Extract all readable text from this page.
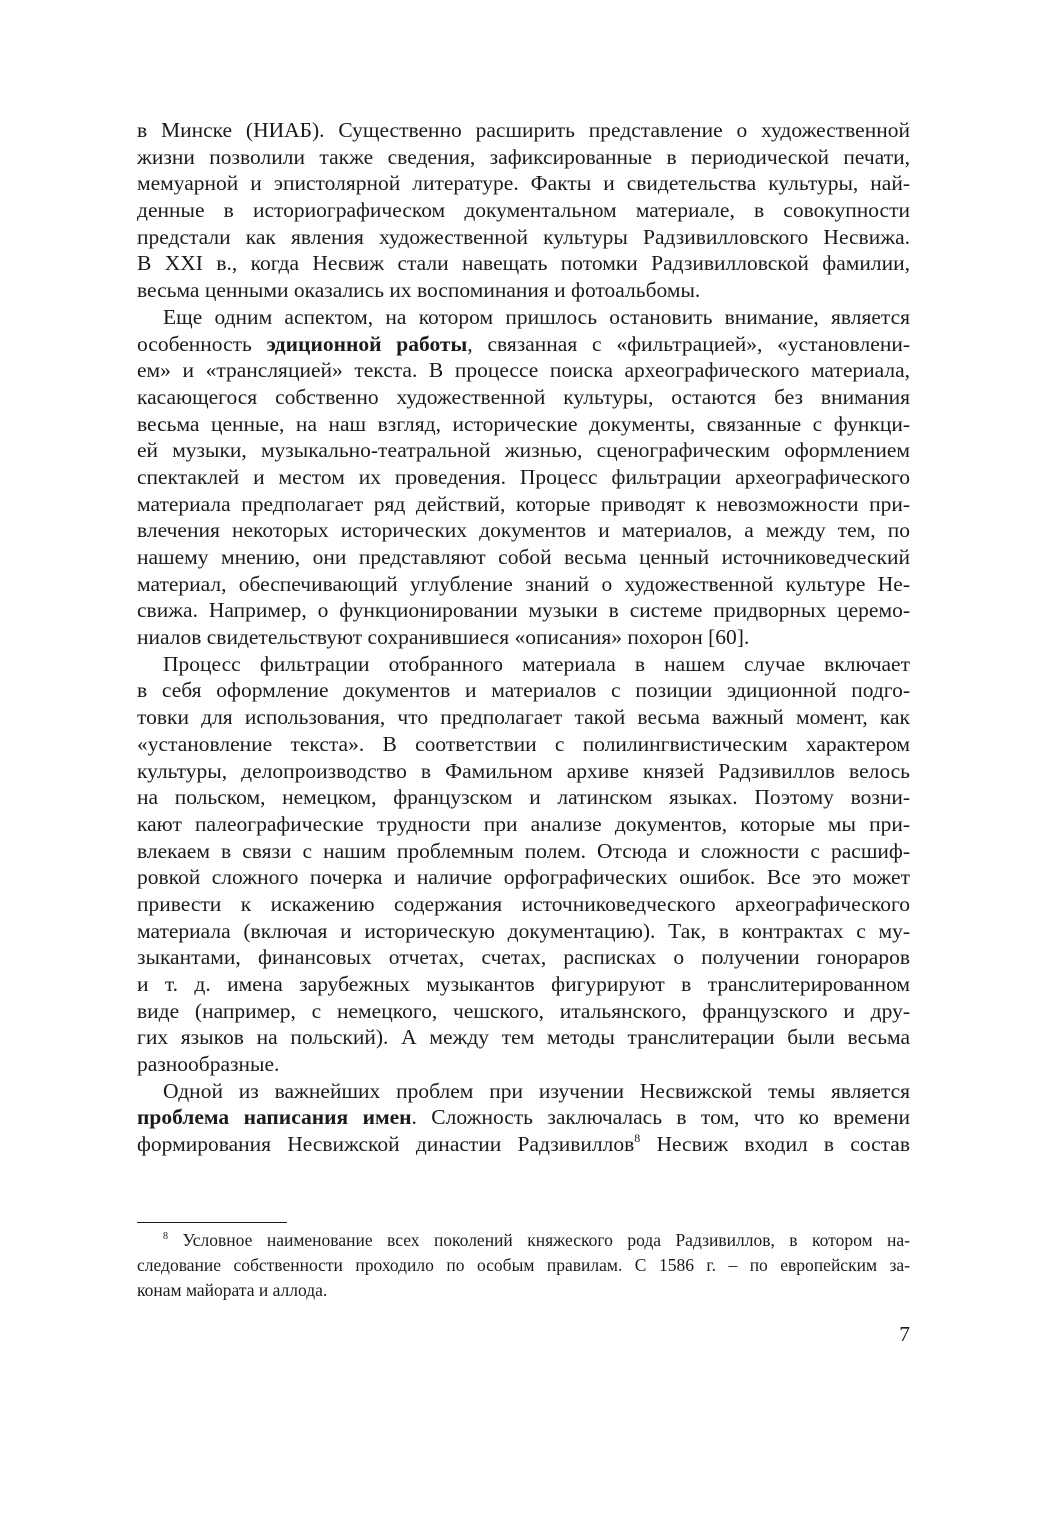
в Минске (НИАБ). Существенно расширить представление о художественной
жизни позволили также сведения, зафиксированные в периодической печати,
мемуарной и эпистолярной литературе. Факты и свидетельства культуры, най-
денные в историографическом документальном материале, в совокупности
предстали как явления художественной культуры Радзивилловского Несвижа.
В XXI в., когда Несвиж стали навещать потомки Радзивилловской фамилии,
весьма ценными оказались их воспоминания и фотоальбомы.
Еще одним аспектом, на котором пришлось остановить внимание, является
особенность эдиционной работы, связанная с «фильтрацией», «установлени-
ем» и «трансляцией» текста. В процессе поиска археографического материала,
касающегося собственно художественной культуры, остаются без внимания
весьма ценные, на наш взгляд, исторические документы, связанные с функци-
ей музыки, музыкально-театральной жизнью, сценографическим оформлением
спектаклей и местом их проведения. Процесс фильтрации археографического
материала предполагает ряд действий, которые приводят к невозможности при-
влечения некоторых исторических документов и материалов, а между тем, по
нашему мнению, они представляют собой весьма ценный источниковедческий
материал, обеспечивающий углубление знаний о художественной культуре Не-
свижа. Например, о функционировании музыки в системе придворных церемо-
ниалов свидетельствуют сохранившиеся «описания» похорон [60].
Процесс фильтрации отобранного материала в нашем случае включает
в себя оформление документов и материалов с позиции эдиционной подго-
товки для использования, что предполагает такой весьма важный момент, как
«установление текста». В соответствии с полилингвистическим характером
культуры, делопроизводство в Фамильном архиве князей Радзивиллов велось
на польском, немецком, французском и латинском языках. Поэтому возни-
кают палеографические трудности при анализе документов, которые мы при-
влекаем в связи с нашим проблемным полем. Отсюда и сложности с расшиф-
ровкой сложного почерка и наличие орфографических ошибок. Все это может
привести к искажению содержания источниковедческого археографического
материала (включая и историческую документацию). Так, в контрактах с му-
зыкантами, финансовых отчетах, счетах, расписках о получении гонораров
и т. д. имена зарубежных музыкантов фигурируют в транслитерированном
виде (например, с немецкого, чешского, итальянского, французского и дру-
гих языков на польский). А между тем методы транслитерации были весьма
разнообразные.
Одной из важнейших проблем при изучении Несвижской темы является
проблема написания имен. Сложность заключалась в том, что ко времени
формирования Несвижской династии Радзивиллов$^8$ Несвиж входил в состав
$^8$ Условное наименование всех поколений княжеского рода Радзивиллов, в котором на-
следование собственности проходило по особым правилам. С 1586 г. – по европейским за-
конам майората и аллода.
7
